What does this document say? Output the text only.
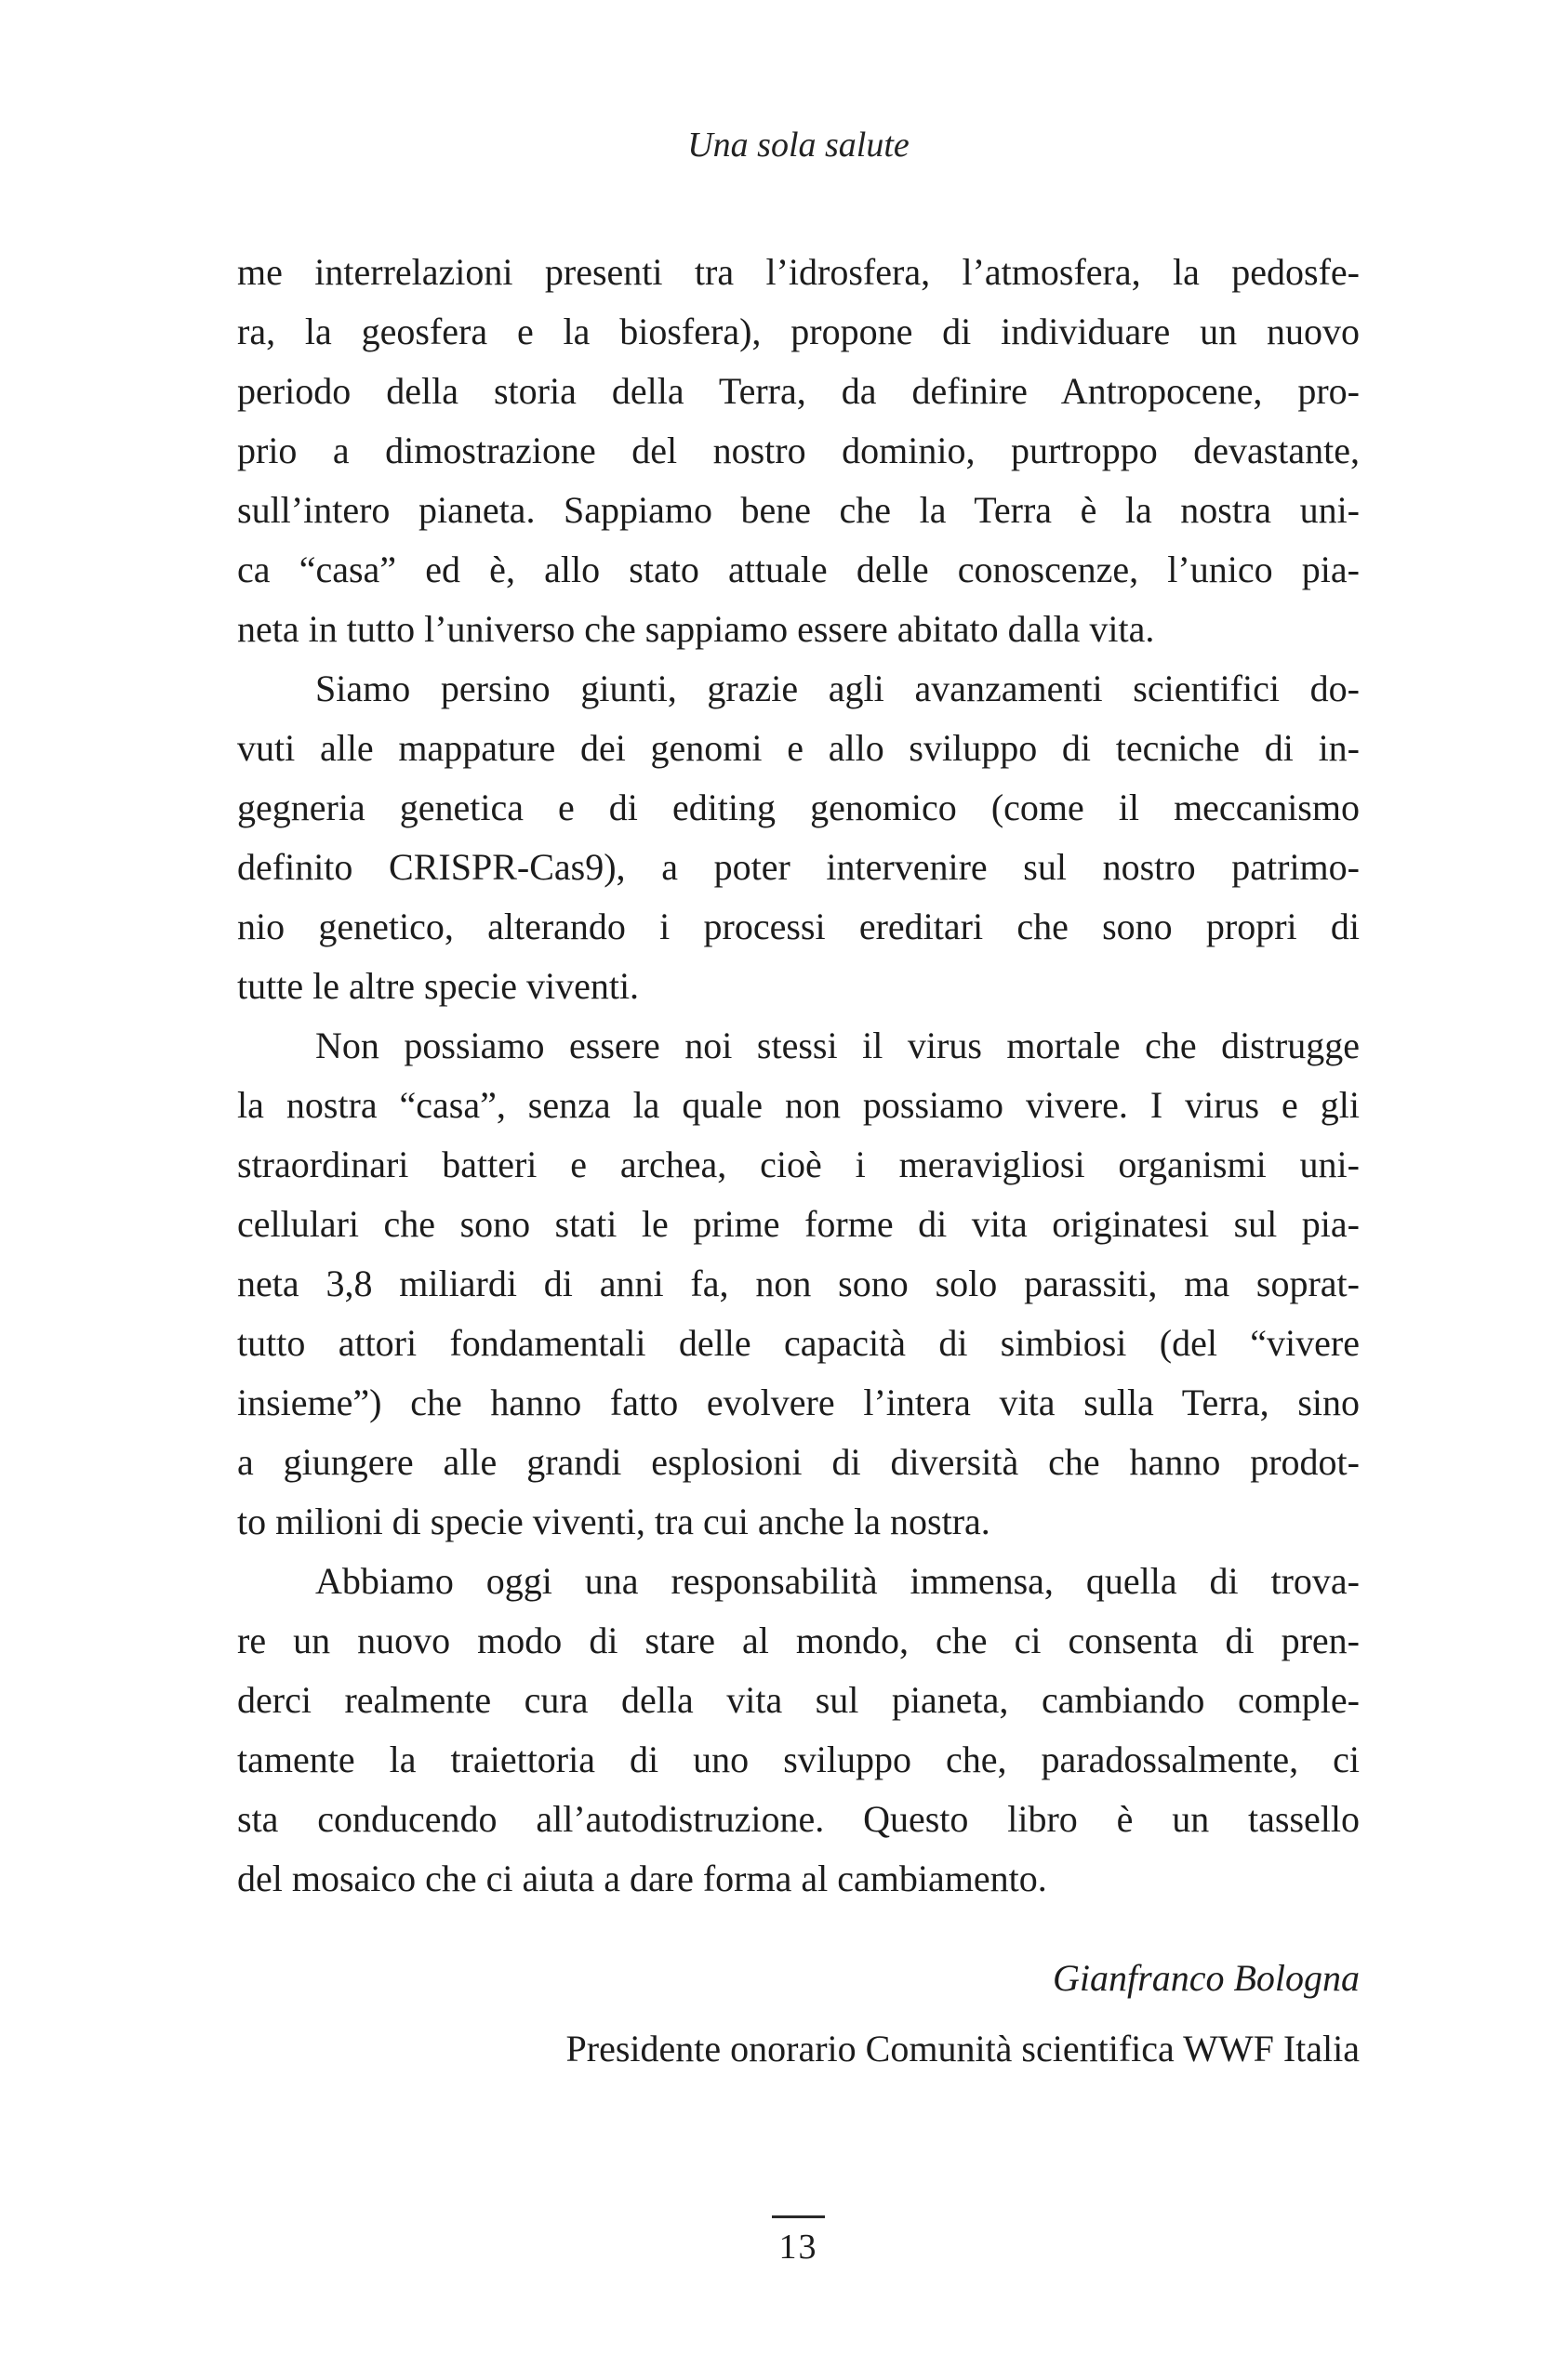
Una sola salute
me interrelazioni presenti tra l’idrosfera, l’atmosfera, la pedosfe-
ra, la geosfera e la biosfera), propone di individuare un nuovo
periodo della storia della Terra, da definire Antropocene, pro-
prio a dimostrazione del nostro dominio, purtroppo devastante,
sull’intero pianeta. Sappiamo bene che la Terra è la nostra uni-
ca “casa” ed è, allo stato attuale delle conoscenze, l’unico pia-
neta in tutto l’universo che sappiamo essere abitato dalla vita.
Siamo persino giunti, grazie agli avanzamenti scientifici do-
vuti alle mappature dei genomi e allo sviluppo di tecniche di in-
gegneria genetica e di editing genomico (come il meccanismo
definito CRISPR-Cas9), a poter intervenire sul nostro patrimo-
nio genetico, alterando i processi ereditari che sono propri di
tutte le altre specie viventi.
Non possiamo essere noi stessi il virus mortale che distrugge
la nostra “casa”, senza la quale non possiamo vivere. I virus e gli
straordinari batteri e archea, cioè i meravigliosi organismi uni-
cellulari che sono stati le prime forme di vita originatesi sul pia-
neta 3,8 miliardi di anni fa, non sono solo parassiti, ma soprat-
tutto attori fondamentali delle capacità di simbiosi (del “vivere
insieme”) che hanno fatto evolvere l’intera vita sulla Terra, sino
a giungere alle grandi esplosioni di diversità che hanno prodot-
to milioni di specie viventi, tra cui anche la nostra.
Abbiamo oggi una responsabilità immensa, quella di trova-
re un nuovo modo di stare al mondo, che ci consenta di pren-
derci realmente cura della vita sul pianeta, cambiando comple-
tamente la traiettoria di uno sviluppo che, paradossalmente, ci
sta conducendo all’autodistruzione. Questo libro è un tassello
del mosaico che ci aiuta a dare forma al cambiamento.
Gianfranco Bologna
Presidente onorario Comunità scientifica WWF Italia
13
